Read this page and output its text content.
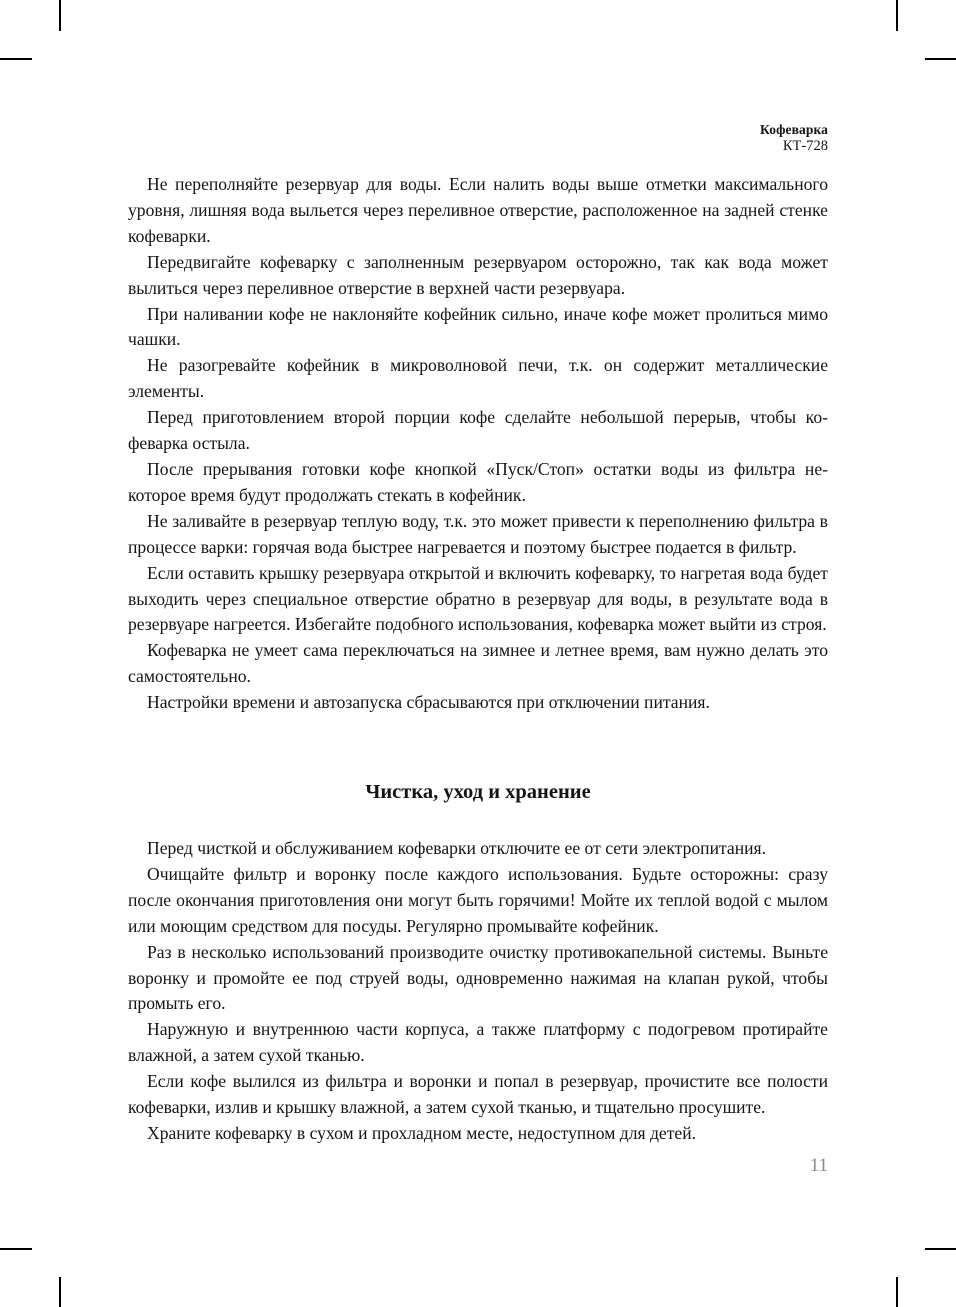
Кофеварка
КТ-728

Не переполняйте резервуар для воды. Если налить воды выше отметки максимального уровня, лишняя вода выльется через переливное отверстие, расположенное на задней стенке кофеварки.

Передвигайте кофеварку с заполненным резервуаром осторожно, так как вода может вылиться через переливное отверстие в верхней части резервуара.

При наливании кофе не наклоняйте кофейник сильно, иначе кофе может пролиться мимо чашки.

Не разогревайте кофейник в микроволновой печи, т.к. он содержит металлические элементы.

Перед приготовлением второй порции кофе сделайте небольшой перерыв, чтобы кофеварка остыла.

После прерывания готовки кофе кнопкой «Пуск/Стоп» остатки воды из фильтра некоторое время будут продолжать стекать в кофейник.

Не заливайте в резервуар теплую воду, т.к. это может привести к переполнению фильтра в процессе варки: горячая вода быстрее нагревается и поэтому быстрее подается в фильтр.

Если оставить крышку резервуара открытой и включить кофеварку, то нагретая вода будет выходить через специальное отверстие обратно в резервуар для воды, в результате вода в резервуаре нагреется. Избегайте подобного использования, кофеварка может выйти из строя.

Кофеварка не умеет сама переключаться на зимнее и летнее время, вам нужно делать это самостоятельно.

Настройки времени и автозапуска сбрасываются при отключении питания.

Чистка, уход и хранение

Перед чисткой и обслуживанием кофеварки отключите ее от сети электропитания.

Очищайте фильтр и воронку после каждого использования. Будьте осторожны: сразу после окончания приготовления они могут быть горячими! Мойте их теплой водой с мылом или моющим средством для посуды. Регулярно промывайте кофейник.

Раз в несколько использований производите очистку противокапельной системы. Выньте воронку и промойте ее под струей воды, одновременно нажимая на клапан рукой, чтобы промыть его.

Наружную и внутреннюю части корпуса, а также платформу с подогревом протирайте влажной, а затем сухой тканью.

Если кофе вылился из фильтра и воронки и попал в резервуар, прочистите все полости кофеварки, излив и крышку влажной, а затем сухой тканью, и тщательно просушите.

Храните кофеварку в сухом и прохладном месте, недоступном для детей.

11
